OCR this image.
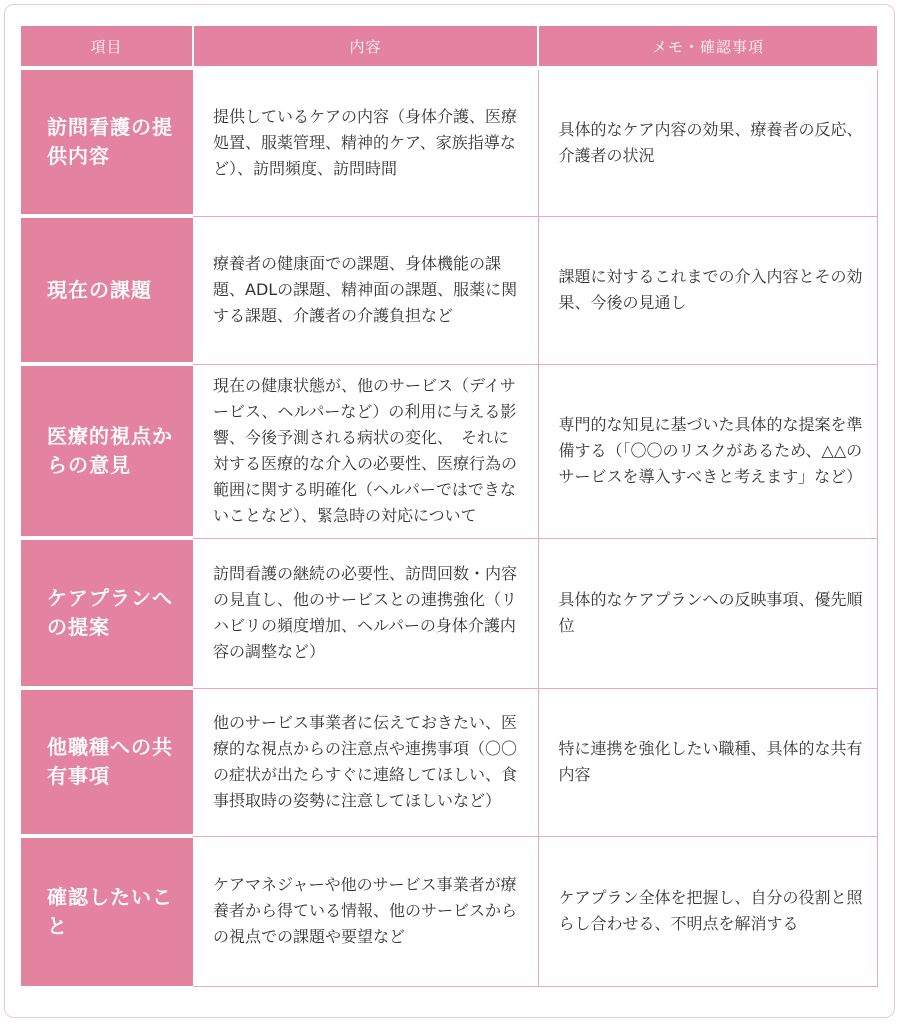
項目	内容	メモ・確認事項
訪問看護の提供内容	提供しているケアの内容（身体介護、医療処置、服薬管理、精神的ケア、家族指導など）、訪問頻度、訪問時間	具体的なケア内容の効果、療養者の反応、介護者の状況
現在の課題	療養者の健康面での課題、身体機能の課題、ADLの課題、精神面の課題、服薬に関する課題、介護者の介護負担など	課題に対するこれまでの介入内容とその効果、今後の見通し
医療的視点からの意見	現在の健康状態が、他のサービス（デイサービス、ヘルパーなど）の利用に与える影響、今後予測される病状の変化、　それに対する医療的な介入の必要性、医療行為の範囲に関する明確化（ヘルパーではできないことなど）、緊急時の対応について	専門的な知見に基づいた具体的な提案を準備する（「〇〇のリスクがあるため、△△のサービスを導入すべきと考えます」など）
ケアプランへの提案	訪問看護の継続の必要性、訪問回数・内容の見直し、他のサービスとの連携強化（リハビリの頻度増加、ヘルパーの身体介護内容の調整など）	具体的なケアプランへの反映事項、優先順位
他職種への共有事項	他のサービス事業者に伝えておきたい、医療的な視点からの注意点や連携事項（〇〇の症状が出たらすぐに連絡してほしい、食事摂取時の姿勢に注意してほしいなど）	特に連携を強化したい職種、具体的な共有内容
確認したいこと	ケアマネジャーや他のサービス事業者が療養者から得ている情報、他のサービスからの視点での課題や要望など	ケアプラン全体を把握し、自分の役割と照らし合わせる、不明点を解消する
